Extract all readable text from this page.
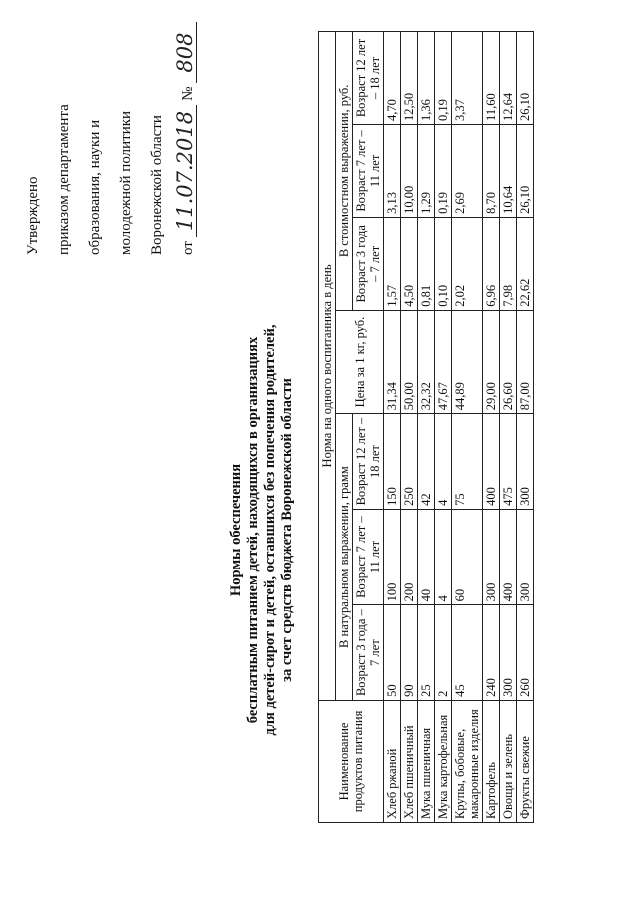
Утверждено	приказом департамента	образования, науки и	молодежной политики	Воронежской области	от
11.07.2018
№
808
Нормы обеспечения бесплатным питанием детей, находящихся в организациях для детей-сирот и детей, оставшихся без попечения родителей, за счет средств бюджета Воронежской области
Наименование продуктов питания	Норма на одного воспитанника в день						
	В натуральном выражении, грамм			Цена за 1 кг, руб.	В стоимостном выражении, руб.		
	Возраст 3 года – 7 лет	Возраст 7 лет – 11 лет	Возраст 12 лет – 18 лет		Возраст 3 года – 7 лет	Возраст 7 лет – 11 лет	Возраст 12 лет – 18 лет
Хлеб ржаной	50	100	150	31,34	1,57	3,13	4,70
Хлеб пшеничный	90	200	250	50,00	4,50	10,00	12,50
Мука пшеничная	25	40	42	32,32	0,81	1,29	1,36
Мука картофельная	2	4	4	47,67	0,10	0,19	0,19
Крупы, бобовые, макаронные изделия	45	60	75	44,89	2,02	2,69	3,37
Картофель	240	300	400	29,00	6,96	8,70	11,60
Овощи и зелень	300	400	475	26,60	7,98	10,64	12,64
Фрукты свежие	260	300	300	87,00	22,62	26,10	26,10
